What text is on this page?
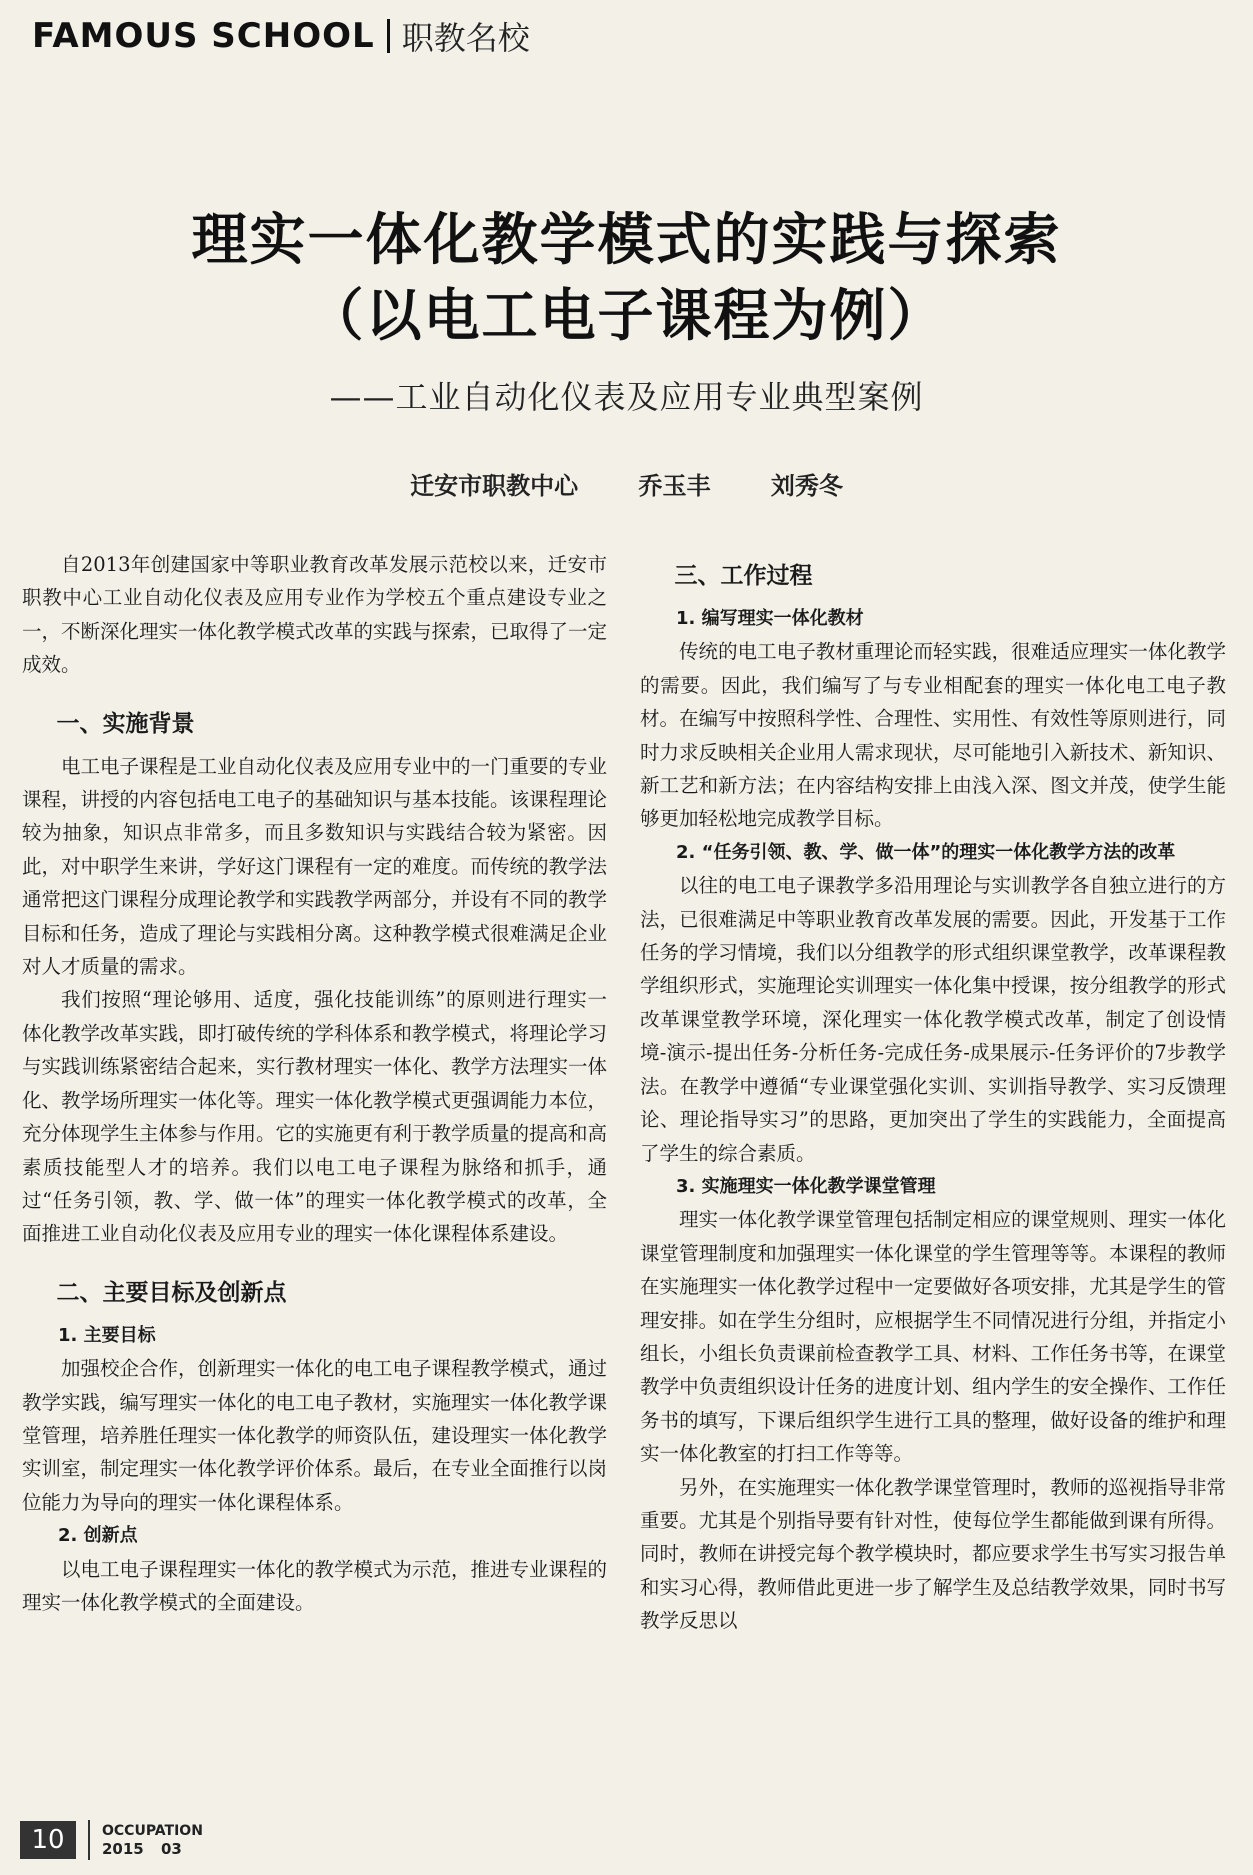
FAMOUS SCHOOL 职教名校
理实一体化教学模式的实践与探索
（以电工电子课程为例）
——工业自动化仪表及应用专业典型案例
迁安市职教中心	乔玉丰	刘秀冬

自2013年创建国家中等职业教育改革发展示范校以来，迁安市职教中心工业自动化仪表及应用专业作为学校五个重点建设专业之一，不断深化理实一体化教学模式改革的实践与探索，已取得了一定成效。

一、实施背景

电工电子课程是工业自动化仪表及应用专业中的一门重要的专业课程，讲授的内容包括电工电子的基础知识与基本技能。该课程理论较为抽象，知识点非常多，而且多数知识与实践结合较为紧密。因此，对中职学生来讲，学好这门课程有一定的难度。而传统的教学法通常把这门课程分成理论教学和实践教学两部分，并设有不同的教学目标和任务，造成了理论与实践相分离。这种教学模式很难满足企业对人才质量的需求。

我们按照“理论够用、适度，强化技能训练”的原则进行理实一体化教学改革实践，即打破传统的学科体系和教学模式，将理论学习与实践训练紧密结合起来，实行教材理实一体化、教学方法理实一体化、教学场所理实一体化等。理实一体化教学模式更强调能力本位，充分体现学生主体参与作用。它的实施更有利于教学质量的提高和高素质技能型人才的培养。我们以电工电子课程为脉络和抓手，通过“任务引领，教、学、做一体”的理实一体化教学模式的改革，全面推进工业自动化仪表及应用专业的理实一体化课程体系建设。

二、主要目标及创新点

1. 主要目标

加强校企合作，创新理实一体化的电工电子课程教学模式，通过教学实践，编写理实一体化的电工电子教材，实施理实一体化教学课堂管理，培养胜任理实一体化教学的师资队伍，建设理实一体化教学实训室，制定理实一体化教学评价体系。最后，在专业全面推行以岗位能力为导向的理实一体化课程体系。

2. 创新点

以电工电子课程理实一体化的教学模式为示范，推进专业课程的理实一体化教学模式的全面建设。

三、工作过程

1. 编写理实一体化教材

传统的电工电子教材重理论而轻实践，很难适应理实一体化教学的需要。因此，我们编写了与专业相配套的理实一体化电工电子教材。在编写中按照科学性、合理性、实用性、有效性等原则进行，同时力求反映相关企业用人需求现状，尽可能地引入新技术、新知识、新工艺和新方法；在内容结构安排上由浅入深、图文并茂，使学生能够更加轻松地完成教学目标。

2. “任务引领、教、学、做一体”的理实一体化教学方法的改革

以往的电工电子课教学多沿用理论与实训教学各自独立进行的方法，已很难满足中等职业教育改革发展的需要。因此，开发基于工作任务的学习情境，我们以分组教学的形式组织课堂教学，改革课程教学组织形式，实施理论实训理实一体化集中授课，按分组教学的形式改革课堂教学环境，深化理实一体化教学模式改革，制定了创设情境-演示-提出任务-分析任务-完成任务-成果展示-任务评价的7步教学法。在教学中遵循“专业课堂强化实训、实训指导教学、实习反馈理论、理论指导实习”的思路，更加突出了学生的实践能力，全面提高了学生的综合素质。

3. 实施理实一体化教学课堂管理

理实一体化教学课堂管理包括制定相应的课堂规则、理实一体化课堂管理制度和加强理实一体化课堂的学生管理等等。本课程的教师在实施理实一体化教学过程中一定要做好各项安排，尤其是学生的管理安排。如在学生分组时，应根据学生不同情况进行分组，并指定小组长，小组长负责课前检查教学工具、材料、工作任务书等，在课堂教学中负责组织设计任务的进度计划、组内学生的安全操作、工作任务书的填写，下课后组织学生进行工具的整理，做好设备的维护和理实一体化教室的打扫工作等等。

另外，在实施理实一体化教学课堂管理时，教师的巡视指导非常重要。尤其是个别指导要有针对性，使每位学生都能做到课有所得。同时，教师在讲授完每个教学模块时，都应要求学生书写实习报告单和实习心得，教师借此更进一步了解学生及总结教学效果，同时书写教学反思以

10	OCCUPATION
2015 03
